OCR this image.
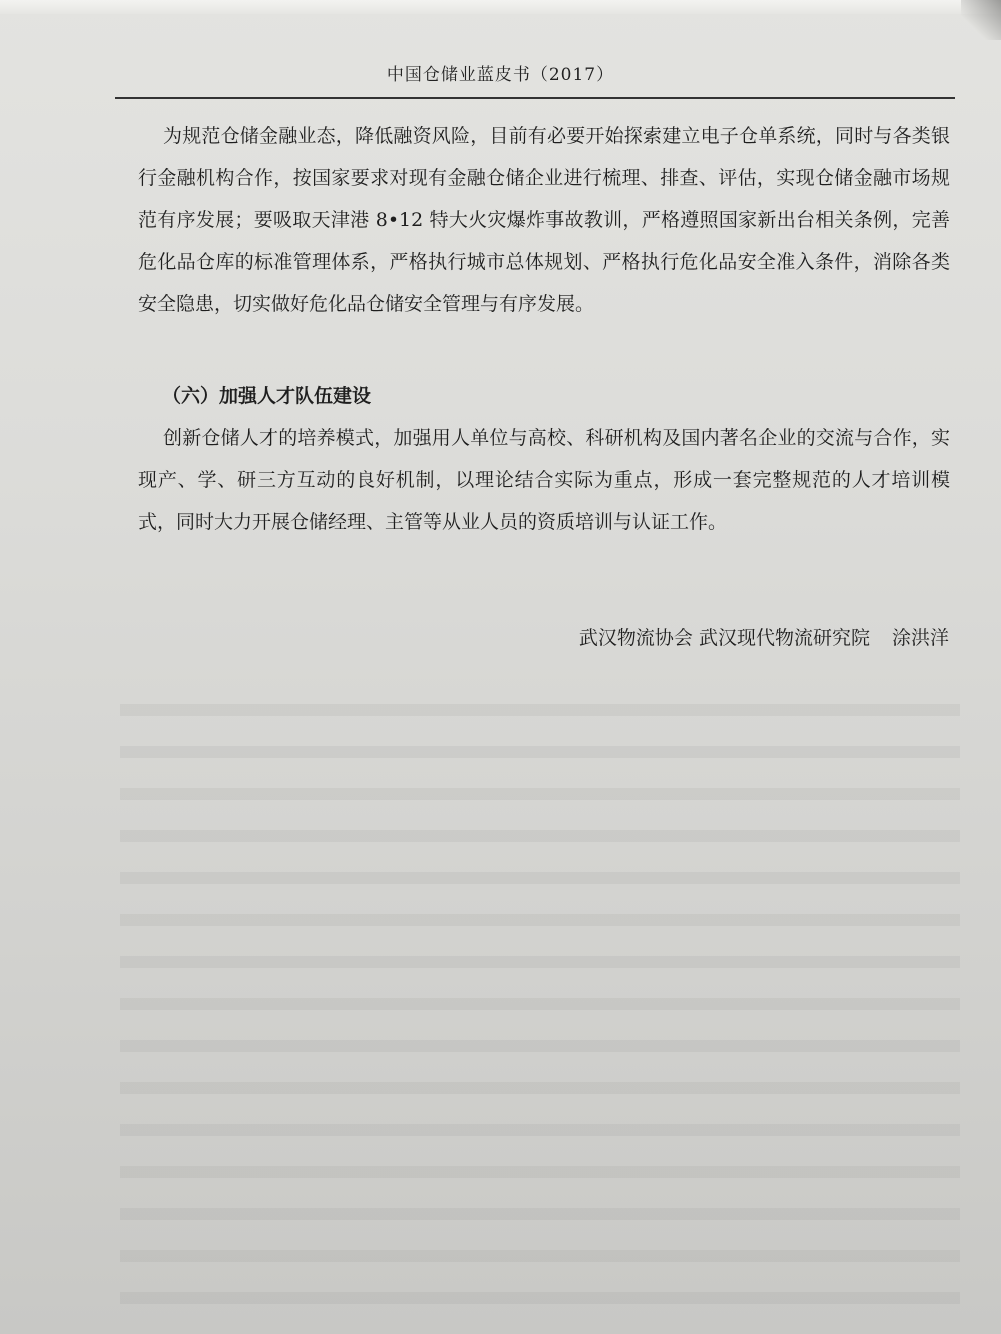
中国仓储业蓝皮书（2017）

为规范仓储金融业态，降低融资风险，目前有必要开始探索建立电子仓单系统，同时与各类银行金融机构合作，按国家要求对现有金融仓储企业进行梳理、排查、评估，实现仓储金融市场规范有序发展；要吸取天津港 8•12 特大火灾爆炸事故教训，严格遵照国家新出台相关条例，完善危化品仓库的标准管理体系，严格执行城市总体规划、严格执行危化品安全准入条件，消除各类安全隐患，切实做好危化品仓储安全管理与有序发展。

（六）加强人才队伍建设

创新仓储人才的培养模式，加强用人单位与高校、科研机构及国内著名企业的交流与合作，实现产、学、研三方互动的良好机制，以理论结合实际为重点，形成一套完整规范的人才培训模式，同时大力开展仓储经理、主管等从业人员的资质培训与认证工作。

武汉物流协会 武汉现代物流研究院 涂洪洋
